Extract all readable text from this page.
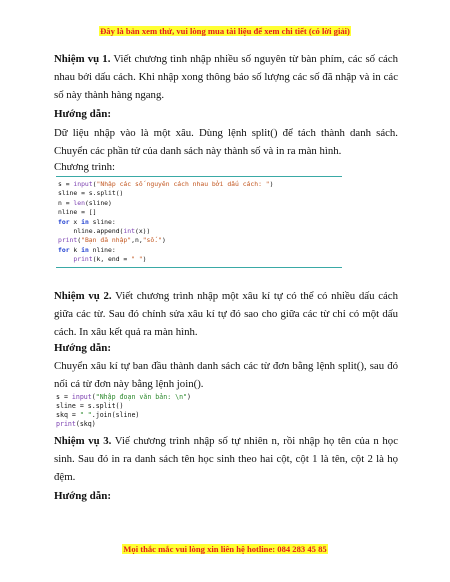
Đây là bản xem thử, vui lòng mua tài liệu để xem chi tiết (có lời giải)

Nhiệm vụ 1. Viết chương tình nhập nhiều số nguyên từ bàn phím, các số cách nhau bởi dấu cách. Khi nhập xong thông báo số lượng các số đã nhập và in các số này thành hàng ngang.

Hướng dẫn:

Dữ liệu nhập vào là một xâu. Dùng lệnh split() để tách thành danh sách. Chuyển các phần tử của danh sách này thành số và in ra màn hình.

Chương trình:

s = input("Nhập các số nguyên cách nhau bởi dấu cách: ")
sline = s.split()
n = len(sline)
nline = []
for x in sline:
nline.append(int(x))
print("Bạn đã nhập",n,"số.")
for k in nline:
print(k, end = " ")

Nhiệm vụ 2. Viết chương trình nhập một xâu kí tự có thể có nhiều dấu cách giữa các từ. Sau đó chỉnh sửa xâu kí tự đó sao cho giữa các từ chỉ có một dấu cách. In xâu kết quả ra màn hình.

Hướng dẫn:

Chuyển xâu kí tự ban đầu thành danh sách các từ đơn bằng lệnh split(), sau đó nối cá từ đơn này bằng lệnh join().

s = input("Nhập đoạn văn bản: \n")
sline = s.split()
skq = " ".join(sline)
print(skq)

Nhiệm vụ 3. Viế chương trình nhập số tự nhiên n, rồi nhập họ tên của n học sinh. Sau đó in ra danh sách tên học sinh theo hai cột, cột 1 là tên, cột 2 là họ đệm.

Hướng dẫn:

Mọi thắc mắc vui lòng xin liên hệ hotline: 084 283 45 85
